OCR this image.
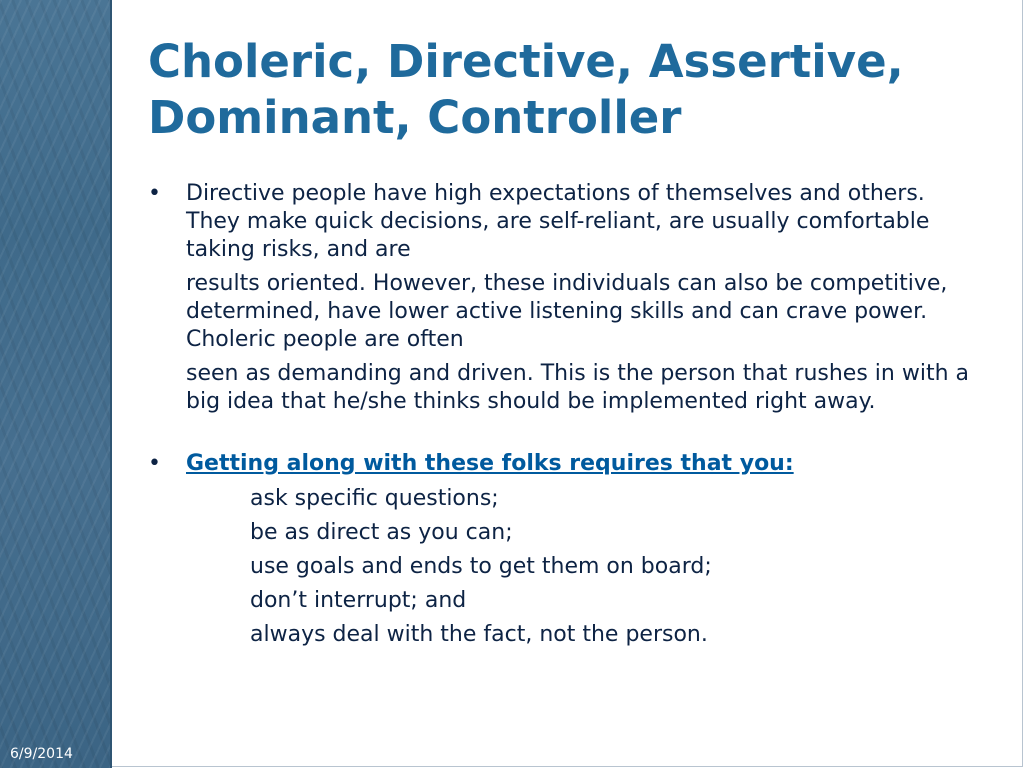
6/9/2014
Choleric, Directive, Assertive, Dominant, Controller
•	Directive people have high expectations of themselves and others. They make quick decisions, are self-reliant, are usually comfortable taking risks, and are

results oriented. However, these individuals can also be competitive, determined, have lower active listening skills and can crave power. Choleric people are often

seen as demanding and driven. This is the person that rushes in with a big idea that he/she thinks should be implemented right away.

•	Getting along with these folks requires that you:

ask specific questions;
be as direct as you can;
use goals and ends to get them on board;
don’t interrupt; and
always deal with the fact, not the person.
